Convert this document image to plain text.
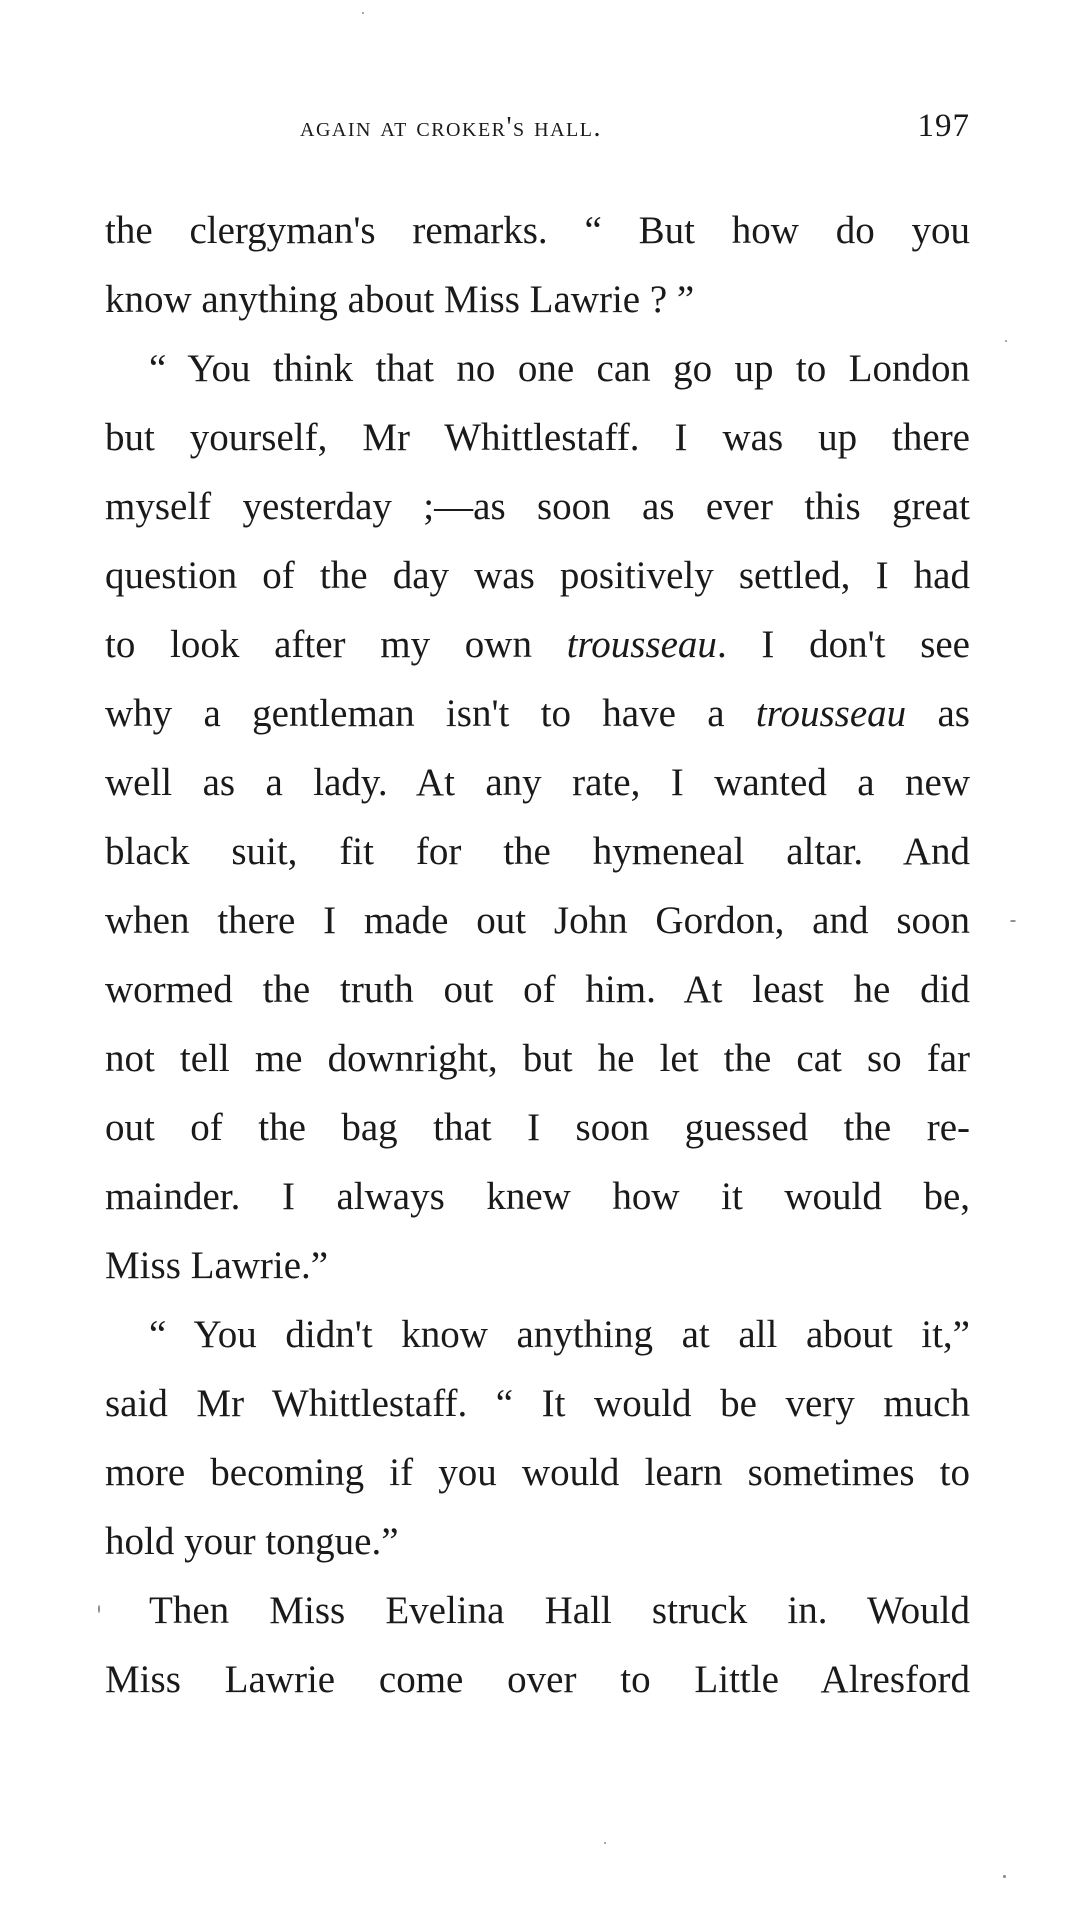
again at croker's hall.	197
the clergyman's remarks. “ But how do you
know anything about Miss Lawrie ? ”
“ You think that no one can go up to London
but yourself, Mr Whittlestaff. I was up there
myself yesterday ;—as soon as ever this great
question of the day was positively settled, I had
to look after my own trousseau. I don't see
why a gentleman isn't to have a trousseau as
well as a lady. At any rate, I wanted a new
black suit, fit for the hymeneal altar. And
when there I made out John Gordon, and soon
wormed the truth out of him. At least he did
not tell me downright, but he let the cat so far
out of the bag that I soon guessed the re-
mainder. I always knew how it would be,
Miss Lawrie.”
“ You didn't know anything at all about it,”
said Mr Whittlestaff. “ It would be very much
more becoming if you would learn sometimes to
hold your tongue.”
Then Miss Evelina Hall struck in. Would
Miss Lawrie come over to Little Alresford
